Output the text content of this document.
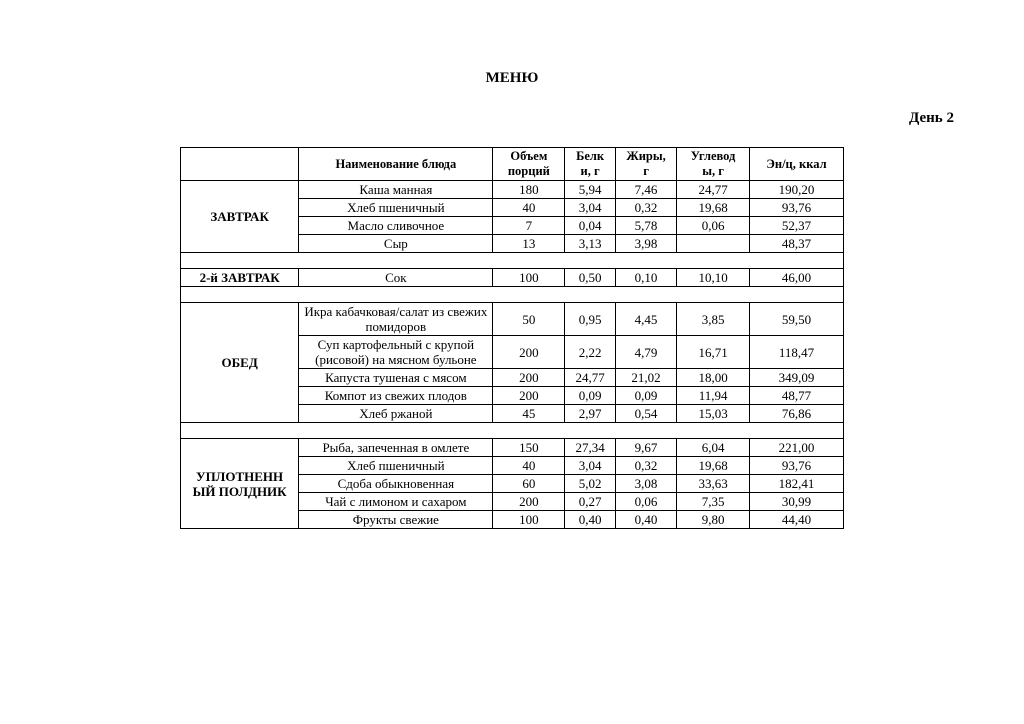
МЕНЮ
День 2
	Наименование блюда	Объем порций	Белк и, г	Жиры, г	Углевод ы, г	Эн/ц, ккал

ЗАВТРАК	Каша манная	180	5,94	7,46	24,77	190,20
	Хлеб пшеничный	40	3,04	0,32	19,68	93,76
	Масло сливочное	7	0,04	5,78	0,06	52,37
	Сыр	13	3,13	3,98		48,37

2-й ЗАВТРАК	Сок	100	0,50	0,10	10,10	46,00

ОБЕД	Икра кабачковая/салат из свежих помидоров	50	0,95	4,45	3,85	59,50
	Суп картофельный с крупой (рисовой) на мясном бульоне	200	2,22	4,79	16,71	118,47
	Капуста тушеная с мясом	200	24,77	21,02	18,00	349,09
	Компот из свежих плодов	200	0,09	0,09	11,94	48,77
	Хлеб ржаной	45	2,97	0,54	15,03	76,86

УПЛОТНЕНН ЫЙ ПОЛДНИК	Рыба, запеченная в омлете	150	27,34	9,67	6,04	221,00
	Хлеб пшеничный	40	3,04	0,32	19,68	93,76
	Сдоба обыкновенная	60	5,02	3,08	33,63	182,41
	Чай с лимоном и сахаром	200	0,27	0,06	7,35	30,99
	Фрукты свежие	100	0,40	0,40	9,80	44,40
